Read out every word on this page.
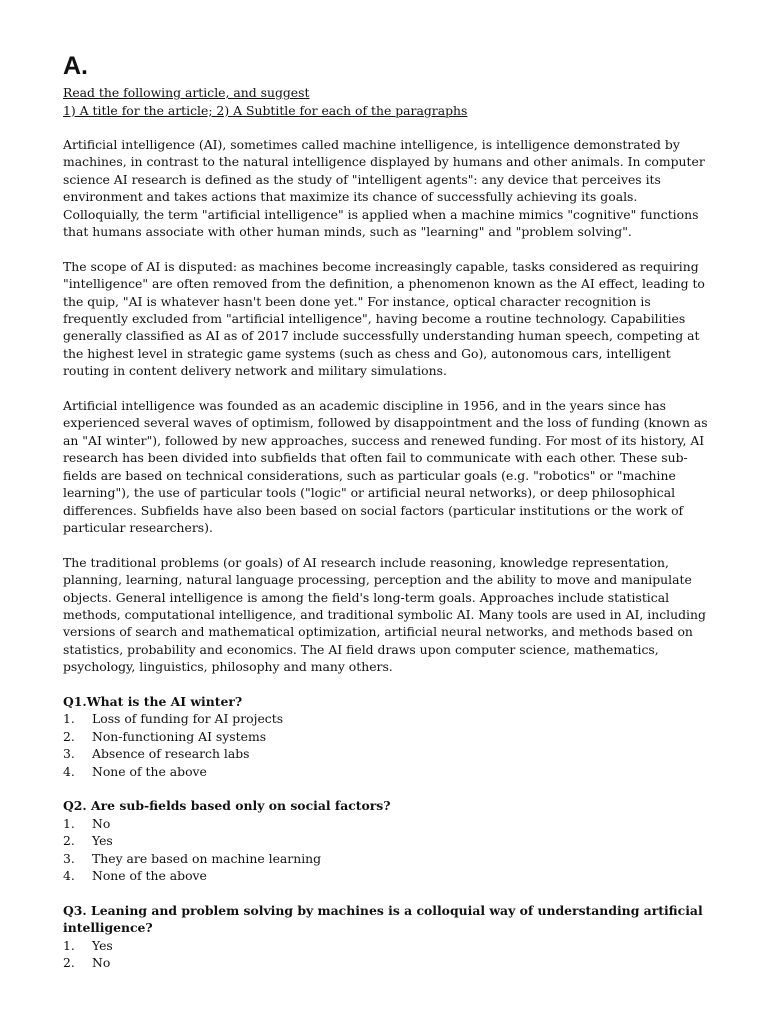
A.

Read the following article, and suggest

1) A title for the article; 2) A Subtitle for each of the paragraphs

Artificial intelligence (AI), sometimes called machine intelligence, is intelligence demonstrated by machines, in contrast to the natural intelligence displayed by humans and other animals. In computer science AI research is defined as the study of "intelligent agents": any device that perceives its environment and takes actions that maximize its chance of successfully achieving its goals. Colloquially, the term "artificial intelligence" is applied when a machine mimics "cognitive" functions that humans associate with other human minds, such as "learning" and "problem solving".

The scope of AI is disputed: as machines become increasingly capable, tasks considered as requiring "intelligence" are often removed from the definition, a phenomenon known as the AI effect, leading to the quip, "AI is whatever hasn't been done yet." For instance, optical character recognition is frequently excluded from "artificial intelligence", having become a routine technology. Capabilities generally classified as AI as of 2017 include successfully understanding human speech, competing at the highest level in strategic game systems (such as chess and Go), autonomous cars, intelligent routing in content delivery network and military simulations.

Artificial intelligence was founded as an academic discipline in 1956, and in the years since has experienced several waves of optimism, followed by disappointment and the loss of funding (known as an "AI winter"), followed by new approaches, success and renewed funding. For most of its history, AI research has been divided into subfields that often fail to communicate with each other. These sub-fields are based on technical considerations, such as particular goals (e.g. "robotics" or "machine learning"), the use of particular tools ("logic" or artificial neural networks), or deep philosophical differences. Subfields have also been based on social factors (particular institutions or the work of particular researchers).

The traditional problems (or goals) of AI research include reasoning, knowledge representation, planning, learning, natural language processing, perception and the ability to move and manipulate objects. General intelligence is among the field's long-term goals. Approaches include statistical methods, computational intelligence, and traditional symbolic AI. Many tools are used in AI, including versions of search and mathematical optimization, artificial neural networks, and methods based on statistics, probability and economics. The AI field draws upon computer science, mathematics, psychology, linguistics, philosophy and many others.

Q1.What is the AI winter?

1.	Loss of funding for AI projects
2.	Non-functioning AI systems
3.	Absence of research labs
4.	None of the above

Q2. Are sub-fields based only on social factors?

1.	No
2.	Yes
3.	They are based on machine learning
4.	None of the above

Q3. Leaning and problem solving by machines is a colloquial way of understanding artificial intelligence?

1.	Yes
2.	No
